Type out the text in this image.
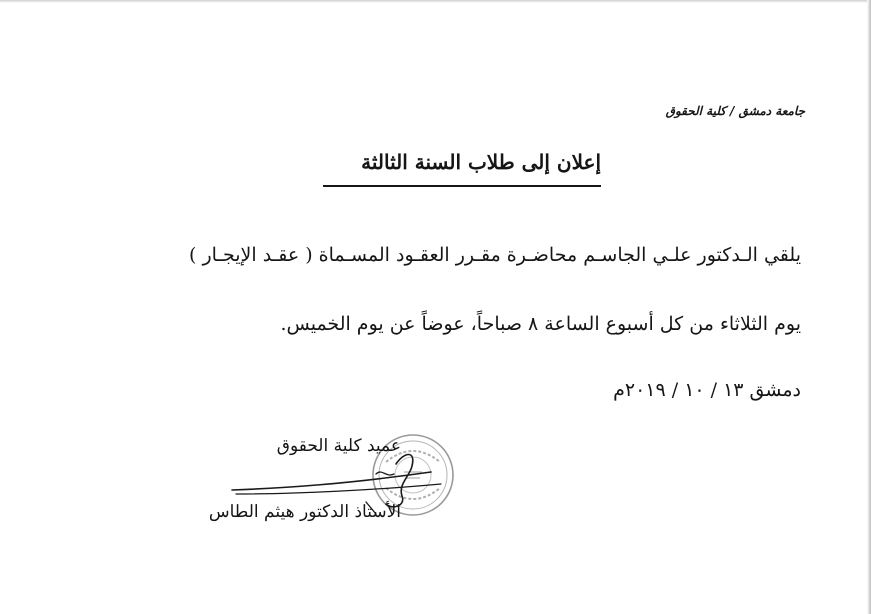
جامعة دمشق / كلية الحقوق
إعلان إلى طلاب السنة الثالثة
يلقي الـدكتور علـي الجاسـم محاضـرة مقـرر العقـود المسـماة ( عقـد الإيجـار )
يوم الثلاثاء من كل أسبوع الساعة ٨ صباحاً، عوضاً عن يوم الخميس.
دمشق ١٣ / ١٠ / ٢٠١٩م
عميد كلية الحقوق
الأستاذ الدكتور هيثم الطاس
